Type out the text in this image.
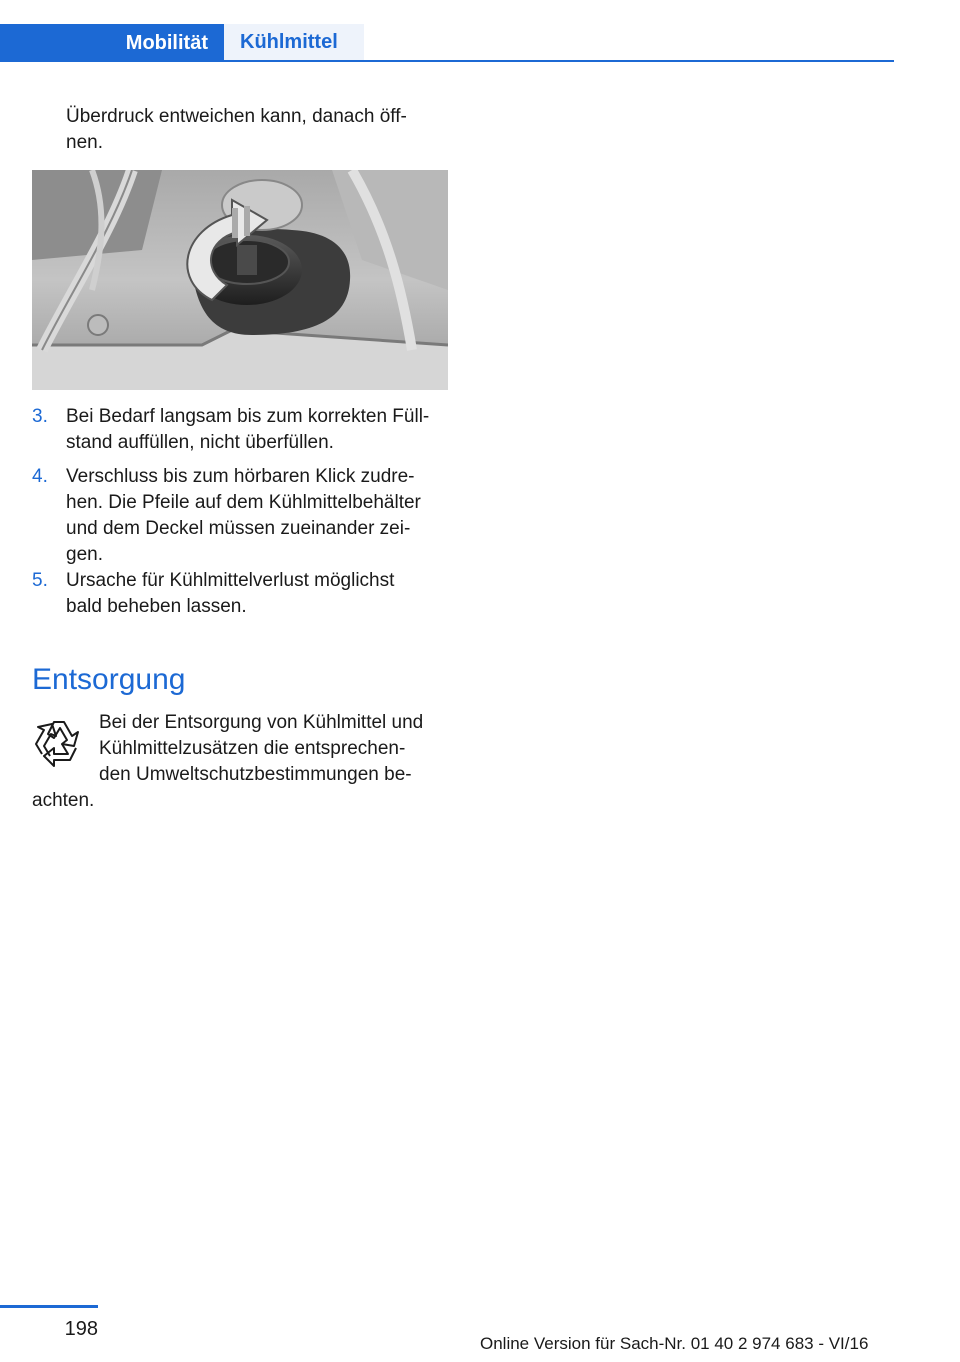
Mobilität Kühlmittel
Überdruck entweichen kann, danach öff-
nen.
3. Bei Bedarf langsam bis zum korrekten Füll-
stand auffüllen, nicht überfüllen.
4. Verschluss bis zum hörbaren Klick zudre-
hen. Die Pfeile auf dem Kühlmittelbehälter
und dem Deckel müssen zueinander zei-
gen.
5. Ursache für Kühlmittelverlust möglichst
bald beheben lassen.
Entsorgung
Bei der Entsorgung von Kühlmittel und
Kühlmittelzusätzen die entsprechen-
den Umweltschutzbestimmungen be-
achten.
198
Online Version für Sach-Nr. 01 40 2 974 683 - VI/16
